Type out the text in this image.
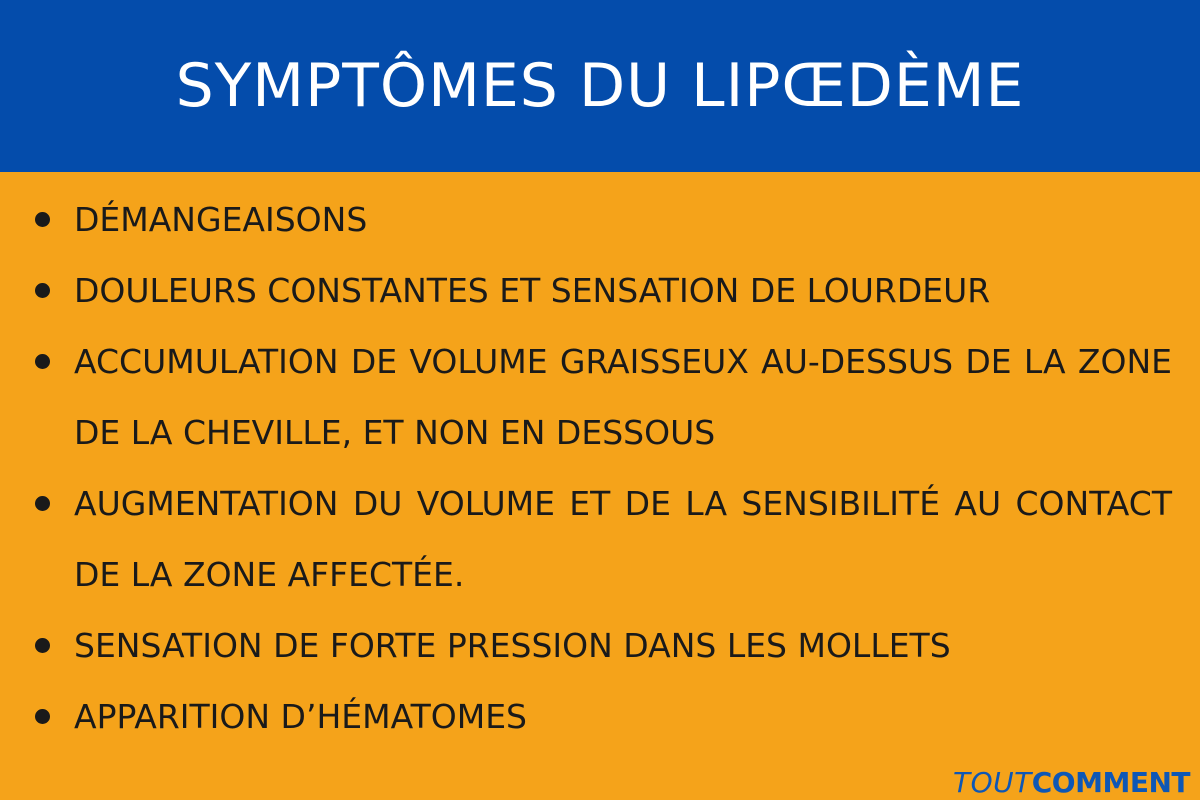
SYMPTÔMES DU LIPŒDÈME
DÉMANGEAISONS
DOULEURS CONSTANTES ET SENSATION DE LOURDEUR
ACCUMULATION DE VOLUME GRAISSEUX AU-DESSUS DE LA ZONE DE LA CHEVILLE, ET NON EN DESSOUS
AUGMENTATION DU VOLUME ET DE LA SENSIBILITÉ AU CONTACT DE LA ZONE AFFECTÉE.
SENSATION DE FORTE PRESSION DANS LES MOLLETS
APPARITION D’HÉMATOMES
TOUTCOMMENT
